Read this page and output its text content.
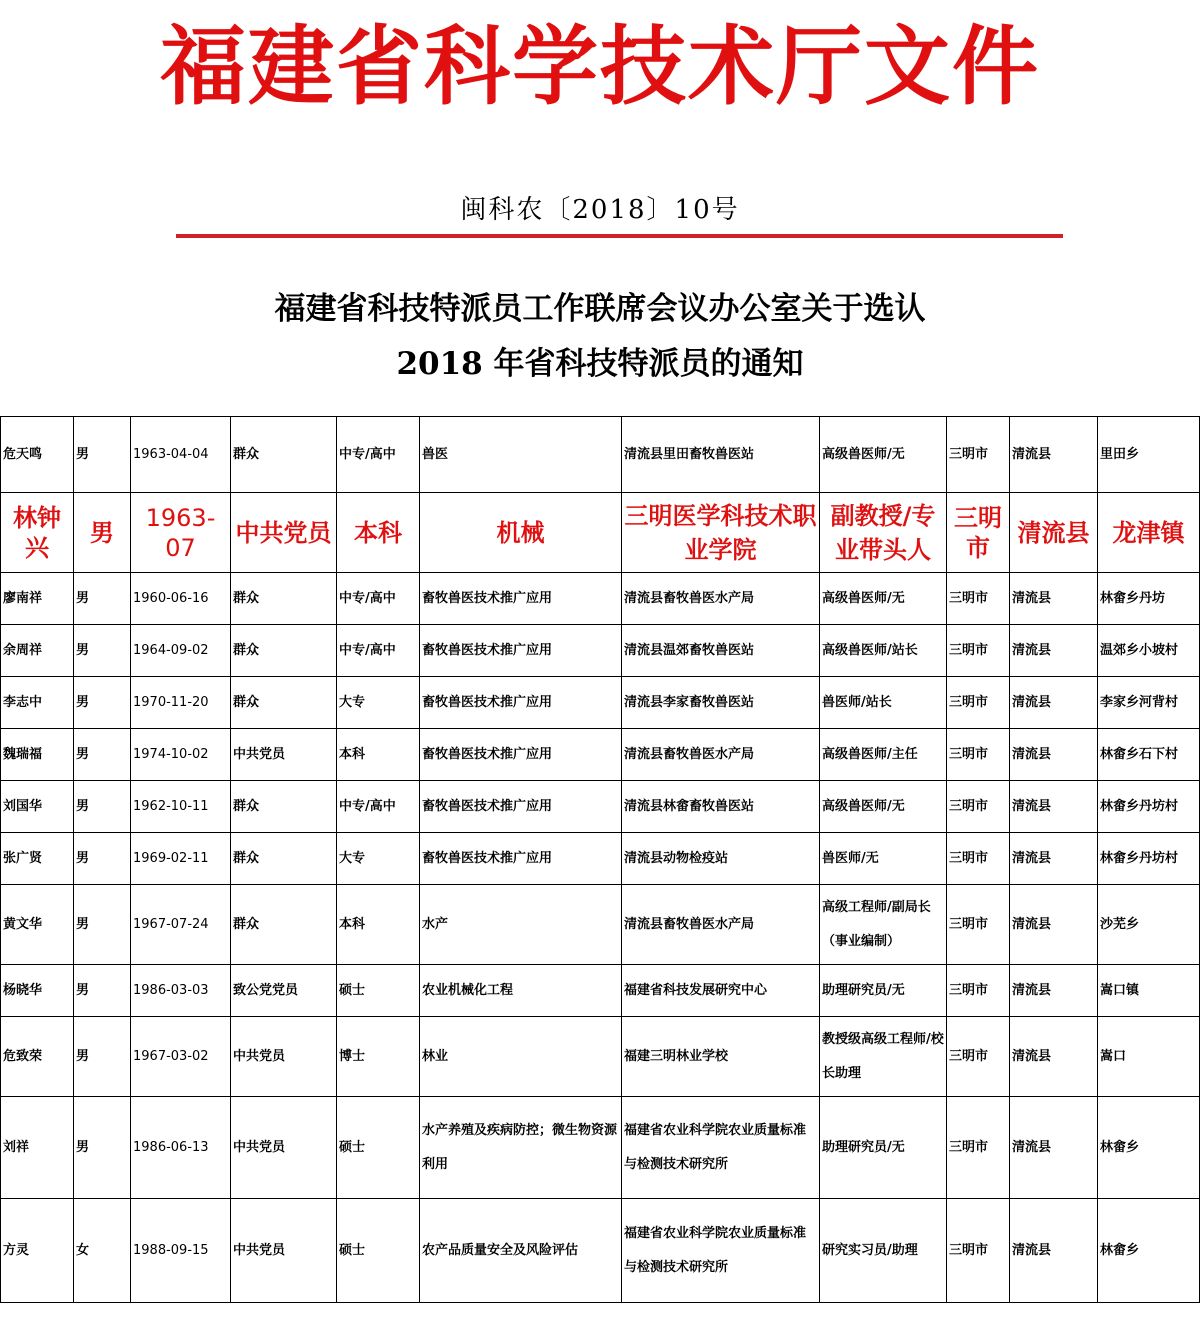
福建省科学技术厅文件
闽科农〔2018〕10号
福建省科技特派员工作联席会议办公室关于选认
2018 年省科技特派员的通知
危天鸣	男	1963-04-04	群众	中专/高中	兽医	清流县里田畜牧兽医站	高级兽医师/无	三明市	清流县	里田乡
林钟兴	男	1963-07	中共党员	本科	机械	三明医学科技术职业学院	副教授/专业带头人	三明市	清流县	龙津镇
廖南祥	男	1960-06-16	群众	中专/高中	畜牧兽医技术推广应用	清流县畜牧兽医水产局	高级兽医师/无	三明市	清流县	林畲乡丹坊
余周祥	男	1964-09-02	群众	中专/高中	畜牧兽医技术推广应用	清流县温郊畜牧兽医站	高级兽医师/站长	三明市	清流县	温郊乡小坡村
李志中	男	1970-11-20	群众	大专	畜牧兽医技术推广应用	清流县李家畜牧兽医站	兽医师/站长	三明市	清流县	李家乡河背村
魏瑞福	男	1974-10-02	中共党员	本科	畜牧兽医技术推广应用	清流县畜牧兽医水产局	高级兽医师/主任	三明市	清流县	林畲乡石下村
刘国华	男	1962-10-11	群众	中专/高中	畜牧兽医技术推广应用	清流县林畲畜牧兽医站	高级兽医师/无	三明市	清流县	林畲乡丹坊村
张广贤	男	1969-02-11	群众	大专	畜牧兽医技术推广应用	清流县动物检疫站	兽医师/无	三明市	清流县	林畲乡丹坊村
黄文华	男	1967-07-24	群众	本科	水产	清流县畜牧兽医水产局	高级工程师/副局长（事业编制）	三明市	清流县	沙芜乡
杨晓华	男	1986-03-03	致公党党员	硕士	农业机械化工程	福建省科技发展研究中心	助理研究员/无	三明市	清流县	嵩口镇
危致荣	男	1967-03-02	中共党员	博士	林业	福建三明林业学校	教授级高级工程师/校长助理	三明市	清流县	嵩口
刘祥	男	1986-06-13	中共党员	硕士	水产养殖及疾病防控；微生物资源利用	福建省农业科学院农业质量标准与检测技术研究所	助理研究员/无	三明市	清流县	林畲乡
方灵	女	1988-09-15	中共党员	硕士	农产品质量安全及风险评估	福建省农业科学院农业质量标准与检测技术研究所	研究实习员/助理	三明市	清流县	林畲乡
